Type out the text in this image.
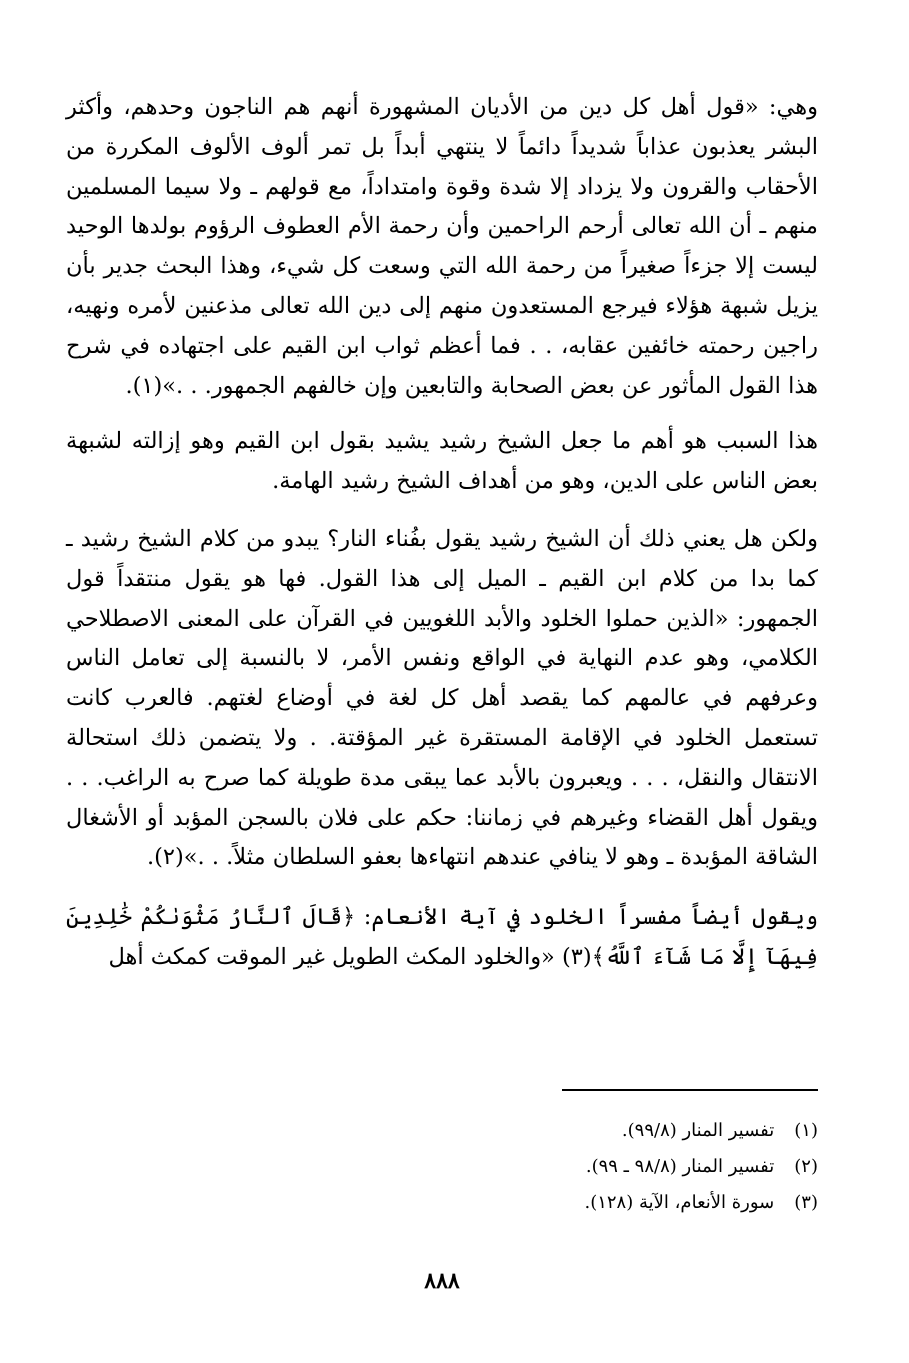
وهي: «قول أهل كل دين من الأديان المشهورة أنهم هم الناجون وحدهم، وأكثر البشر يعذبون عذاباً شديداً دائماً لا ينتهي أبداً بل تمر ألوف الألوف المكررة من الأحقاب والقرون ولا يزداد إلا شدة وقوة وامتداداً، مع قولهم ـ ولا سيما المسلمين منهم ـ أن الله تعالى أرحم الراحمين وأن رحمة الأم العطوف الرؤوم بولدها الوحيد ليست إلا جزءاً صغيراً من رحمة الله التي وسعت كل شيء، وهذا البحث جدير بأن يزيل شبهة هؤلاء فيرجع المستعدون منهم إلى دين الله تعالى مذعنين لأمره ونهيه، راجين رحمته خائفين عقابه، . . فما أعظم ثواب ابن القيم على اجتهاده في شرح هذا القول المأثور عن بعض الصحابة والتابعين وإن خالفهم الجمهور. . .»(١).

هذا السبب هو أهم ما جعل الشيخ رشيد يشيد بقول ابن القيم وهو إزالته لشبهة بعض الناس على الدين، وهو من أهداف الشيخ رشيد الهامة.

ولكن هل يعني ذلك أن الشيخ رشيد يقول بفُناء النار؟ يبدو من كلام الشيخ رشيد ـ كما بدا من كلام ابن القيم ـ الميل إلى هذا القول. فها هو يقول منتقداً قول الجمهور: «الذين حملوا الخلود والأبد اللغويين في القرآن على المعنى الاصطلاحي الكلامي، وهو عدم النهاية في الواقع ونفس الأمر، لا بالنسبة إلى تعامل الناس وعرفهم في عالمهم كما يقصد أهل كل لغة في أوضاع لغتهم. فالعرب كانت تستعمل الخلود في الإقامة المستقرة غير المؤقتة. . ولا يتضمن ذلك استحالة الانتقال والنقل، . . . ويعبرون بالأبد عما يبقى مدة طويلة كما صرح به الراغب. . . ويقول أهل القضاء وغيرهم في زماننا: حكم على فلان بالسجن المؤبد أو الأشغال الشاقة المؤبدة ـ وهو لا ينافي عندهم انتهاءها بعفو السلطان مثلاً. . .»(٢).

ويقول أيضاً مفسراً الخلود في آية الأنعام: ﴿قَالَ ٱلنَّارُ مَثْوَىٰكُمْ خَٰلِدِينَ فِيهَآ إِلَّا مَا شَآءَ ٱللَّهُ﴾(٣) «والخلود المكث الطويل غير الموقت كمكث أهل

(١) تفسير المنار (٩٩/٨).

(٢) تفسير المنار (٩٨/٨ ـ ٩٩).

(٣) سورة الأنعام، الآية (١٢٨).

٨٨٨
